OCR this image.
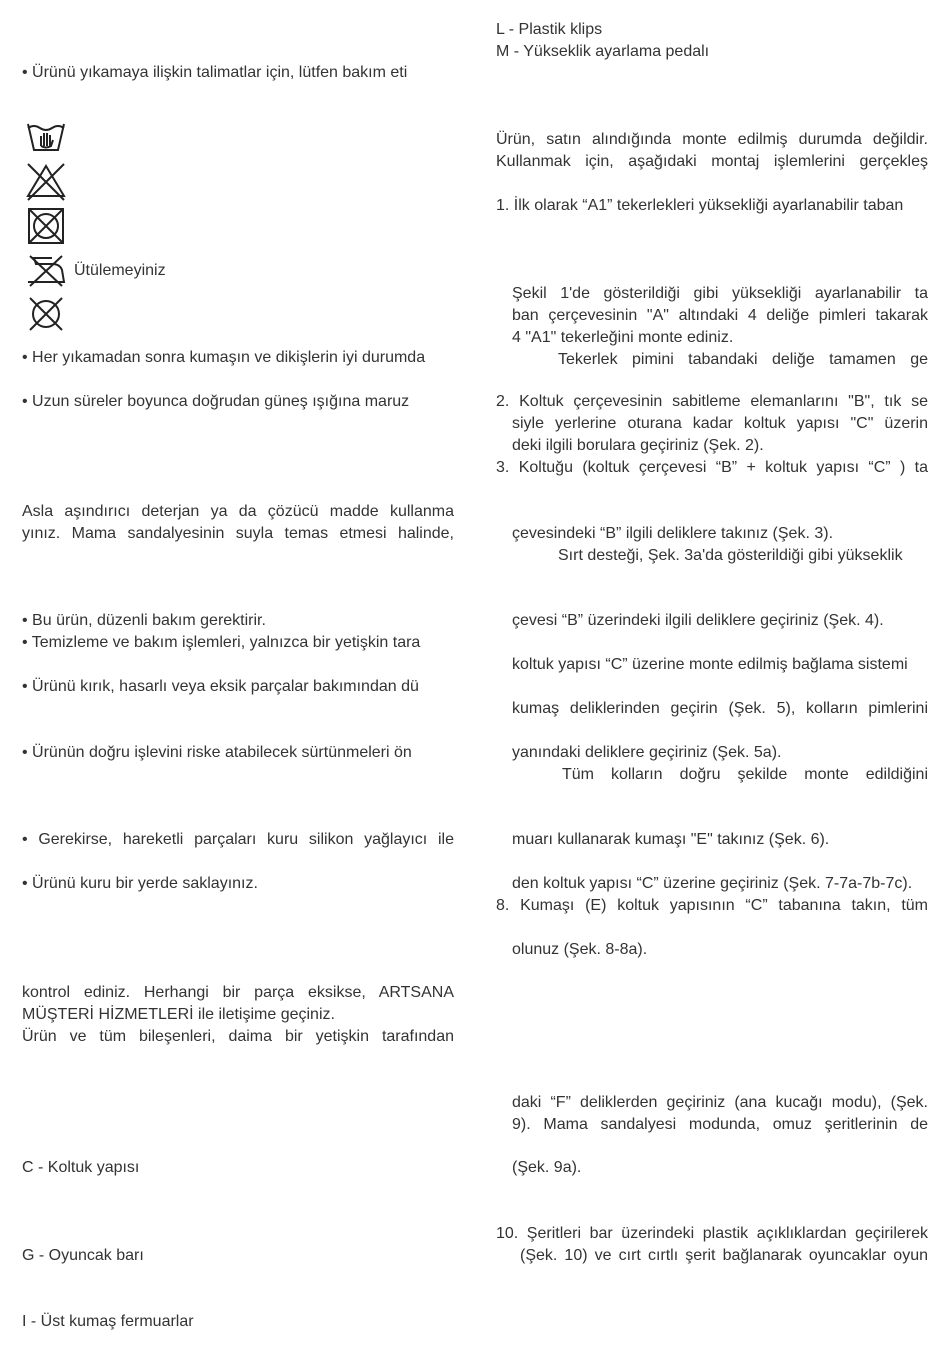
• Ürünü yıkamaya ilişkin talimatlar için, lütfen bakım eti
Ütülemeyiniz
• Her yıkamadan sonra kumaşın ve dikişlerin iyi durumda
• Uzun süreler boyunca doğrudan güneş ışığına maruz
Asla aşındırıcı deterjan ya da çözücü madde kullanma
yınız. Mama sandalyesinin suyla temas etmesi halinde,
• Bu ürün, düzenli bakım gerektirir.
• Temizleme ve bakım işlemleri, yalnızca bir yetişkin tara
• Ürünü kırık, hasarlı veya eksik parçalar bakımından dü
• Ürünün doğru işlevini riske atabilecek sürtünmeleri ön
• Gerekirse, hareketli parçaları kuru silikon yağlayıcı ile
• Ürünü kuru bir yerde saklayınız.
kontrol ediniz. Herhangi bir parça eksikse, ARTSANA
MÜŞTERİ HİZMETLERİ ile iletişime geçiniz.
Ürün ve tüm bileşenleri, daima bir yetişkin tarafından
C - Koltuk yapısı
G - Oyuncak barı
I - Üst kumaş fermuarlar
L - Plastik klips
M - Yükseklik ayarlama pedalı
Ürün, satın alındığında monte edilmiş durumda değildir.
Kullanmak için, aşağıdaki montaj işlemlerini gerçekleş
1. İlk olarak “A1” tekerlekleri yüksekliği ayarlanabilir taban
Şekil 1'de gösterildiği gibi yüksekliği ayarlanabilir ta
ban çerçevesinin "A" altındaki 4 deliğe pimleri takarak
4 "A1" tekerleğini monte ediniz.
Tekerlek pimini tabandaki deliğe tamamen ge
2. Koltuk çerçevesinin sabitleme elemanlarını "B", tık se
siyle yerlerine oturana kadar koltuk yapısı "C" üzerin
deki ilgili borulara geçiriniz (Şek. 2).
3. Koltuğu (koltuk çerçevesi “B” + koltuk yapısı “C” ) ta
çevesindeki “B” ilgili deliklere takınız (Şek. 3).
Sırt desteği, Şek. 3a'da gösterildiği gibi yükseklik
çevesi “B” üzerindeki ilgili deliklere geçiriniz (Şek. 4).
koltuk yapısı “C” üzerine monte edilmiş bağlama sistemi
kumaş deliklerinden geçirin (Şek. 5), kolların pimlerini
yanındaki deliklere geçiriniz (Şek. 5a).
Tüm kolların doğru şekilde monte edildiğini
muarı kullanarak kumaşı "E" takınız (Şek. 6).
den koltuk yapısı “C” üzerine geçiriniz (Şek. 7-7a-7b-7c).
8. Kumaşı (E) koltuk yapısının “C” tabanına takın, tüm
olunuz (Şek. 8-8a).
daki “F” deliklerden geçiriniz (ana kucağı modu), (Şek.
9). Mama sandalyesi modunda, omuz şeritlerinin de
(Şek. 9a).
10. Şeritleri bar üzerindeki plastik açıklıklardan geçirilerek
(Şek. 10) ve cırt cırtlı şerit bağlanarak oyuncaklar oyun
